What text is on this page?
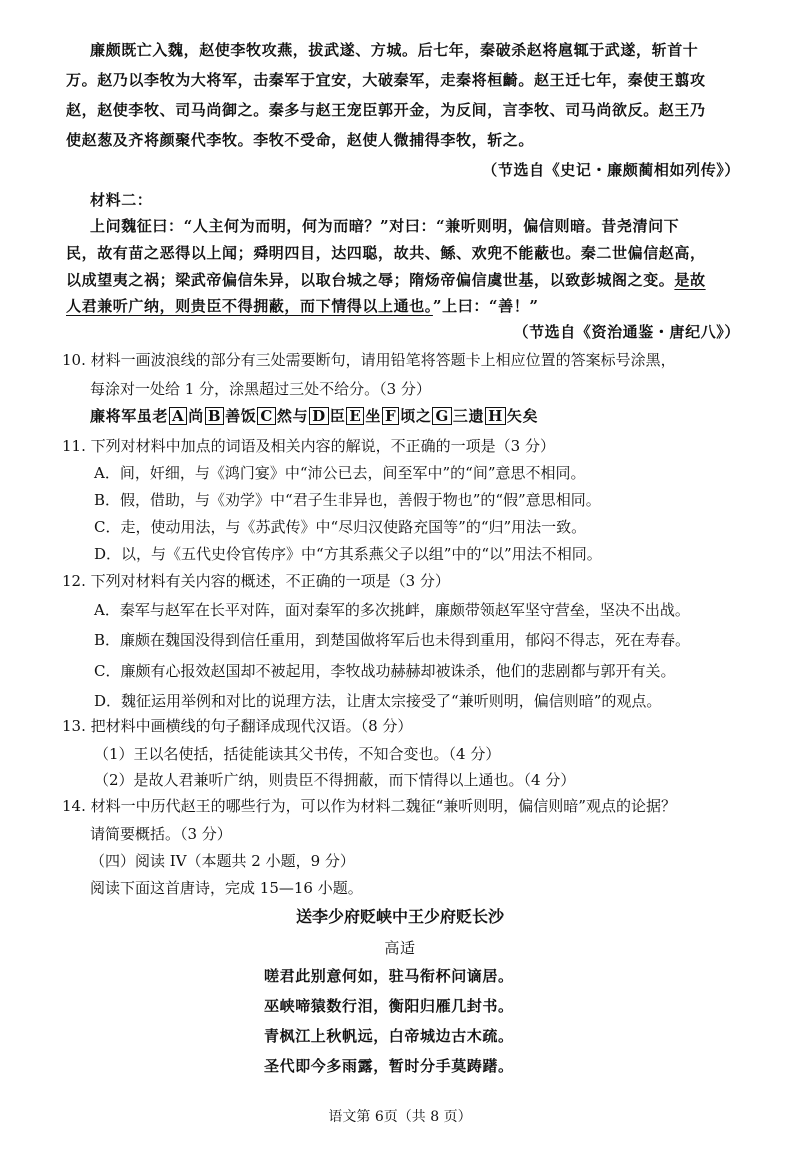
廉颇既亡入魏，赵使李牧攻燕，拔武遂、方城。后七年，秦破杀赵将扈辄于武遂，斩首十
万。赵乃以李牧为大将军，击秦军于宜安，大破秦军，走秦将桓齮。赵王迁七年，秦使王翦攻
赵，赵使李牧、司马尚御之。秦多与赵王宠臣郭开金，为反间，言李牧、司马尚欲反。赵王乃
使赵葱及齐将颜聚代李牧。李牧不受命，赵使人微捕得李牧，斩之。
（节选自《史记・廉颇蔺相如列传》）
材料二：
上问魏征曰：“人主何为而明，何为而暗？”对曰：“兼听则明，偏信则暗。昔尧清问下
民，故有苗之恶得以上闻；舜明四目，达四聪，故共、鲧、欢兜不能蔽也。秦二世偏信赵高，
以成望夷之祸；梁武帝偏信朱异，以取台城之辱；隋炀帝偏信虞世基，以致彭城阁之变。是故
人君兼听广纳，则贵臣不得拥蔽，而下情得以上通也。”上曰：“善！”
（节选自《资治通鉴・唐纪八》）
10. 材料一画波浪线的部分有三处需要断句，请用铅笔将答题卡上相应位置的答案标号涂黑，
每涂对一处给 1 分，涂黑超过三处不给分。（3 分）
廉将军虽老 A 尚 B 善饭 C 然与 D 臣 E 坐 F 顷之 G 三遗 H 矢矣
11. 下列对材料中加点的词语及相关内容的解说，不正确的一项是（3 分）
A．间，奸细，与《鸿门宴》中“沛公已去，间至军中”的“间”意思不相同。
B．假，借助，与《劝学》中“君子生非异也，善假于物也”的“假”意思相同。
C．走，使动用法，与《苏武传》中“尽归汉使路充国等”的“归”用法一致。
D．以，与《五代史伶官传序》中“方其系燕父子以组”中的“以”用法不相同。
12. 下列对材料有关内容的概述，不正确的一项是（3 分）
A．秦军与赵军在长平对阵，面对秦军的多次挑衅，廉颇带领赵军坚守营垒，坚决不出战。
B．廉颇在魏国没得到信任重用，到楚国做将军后也未得到重用，郁闷不得志，死在寿春。
C．廉颇有心报效赵国却不被起用，李牧战功赫赫却被诛杀，他们的悲剧都与郭开有关。
D．魏征运用举例和对比的说理方法，让唐太宗接受了“兼听则明，偏信则暗”的观点。
13. 把材料中画横线的句子翻译成现代汉语。（8 分）
（1）王以名使括，括徒能读其父书传，不知合变也。（4 分）
（2）是故人君兼听广纳，则贵臣不得拥蔽，而下情得以上通也。（4 分）
14. 材料一中历代赵王的哪些行为，可以作为材料二魏征“兼听则明，偏信则暗”观点的论据？
请简要概括。（3 分）
（四）阅读 IV（本题共 2 小题，9 分）
阅读下面这首唐诗，完成 15—16 小题。
送李少府贬峡中王少府贬长沙
高适
嗟君此别意何如，驻马衔杯问谪居。
巫峡啼猿数行泪，衡阳归雁几封书。
青枫江上秋帆远，白帝城边古木疏。
圣代即今多雨露，暂时分手莫踌躇。
语文第 6页（共 8 页）
